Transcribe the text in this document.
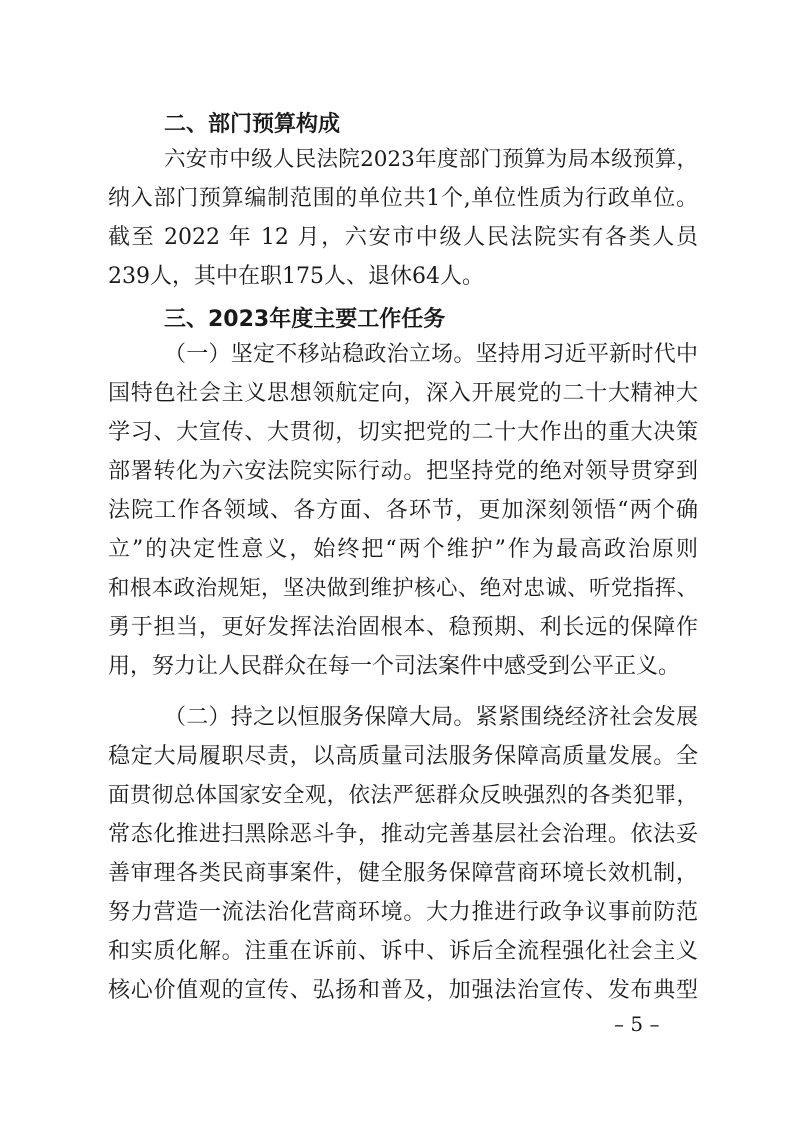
二、部门预算构成
六安市中级人民法院2023年度部门预算为局本级预算，
纳入部门预算编制范围的单位共1个,单位性质为行政单位。
截至 2022 年 12 月，六安市中级人民法院实有各类人员
239人，其中在职175人、退休64人。
三、2023年度主要工作任务
（一）坚定不移站稳政治立场。坚持用习近平新时代中
国特色社会主义思想领航定向，深入开展党的二十大精神大
学习、大宣传、大贯彻，切实把党的二十大作出的重大决策
部署转化为六安法院实际行动。把坚持党的绝对领导贯穿到
法院工作各领域、各方面、各环节，更加深刻领悟“两个确
立”的决定性意义，始终把“两个维护”作为最高政治原则
和根本政治规矩，坚决做到维护核心、绝对忠诚、听党指挥、
勇于担当，更好发挥法治固根本、稳预期、利长远的保障作
用，努力让人民群众在每一个司法案件中感受到公平正义。
（二）持之以恒服务保障大局。紧紧围绕经济社会发展
稳定大局履职尽责，以高质量司法服务保障高质量发展。全
面贯彻总体国家安全观，依法严惩群众反映强烈的各类犯罪，
常态化推进扫黑除恶斗争，推动完善基层社会治理。依法妥
善审理各类民商事案件，健全服务保障营商环境长效机制，
努力营造一流法治化营商环境。大力推进行政争议事前防范
和实质化解。注重在诉前、诉中、诉后全流程强化社会主义
核心价值观的宣传、弘扬和普及，加强法治宣传、发布典型
– 5 –
